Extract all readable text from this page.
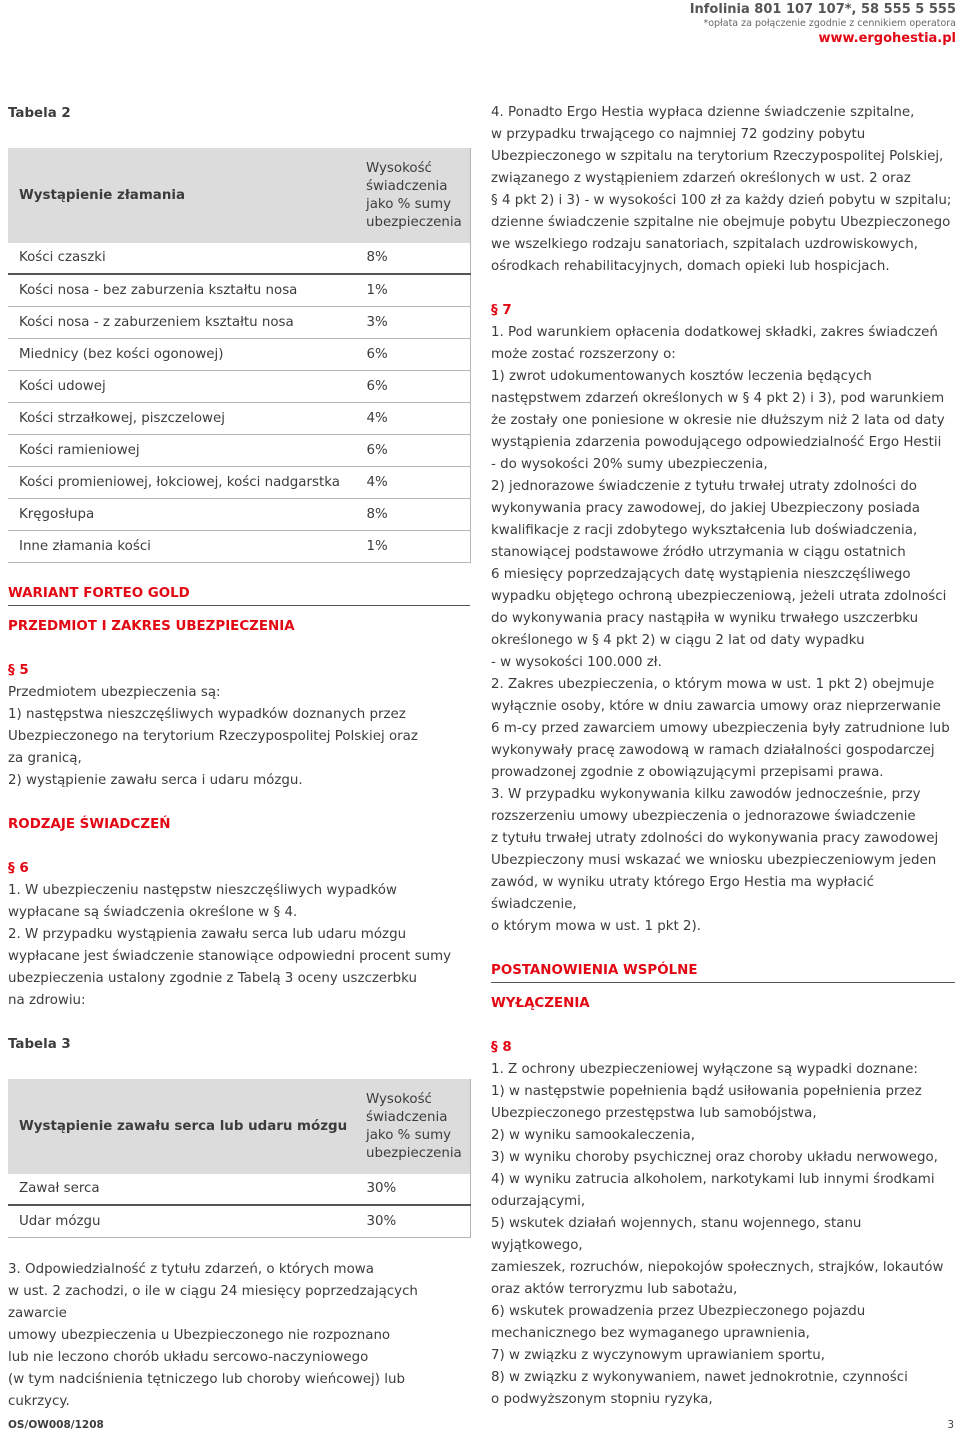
Infolinia 801 107 107*, 58 555 5 555
*opłata za połączenie zgodnie z cennikiem operatora
www.ergohestia.pl

Tabela 2

Wystąpienie złamania	Wysokość świadczenia jako % sumy ubezpieczenia
Kości czaszki	8%
Kości nosa - bez zaburzenia kształtu nosa	1%
Kości nosa - z zaburzeniem kształtu nosa	3%
Miednicy (bez kości ogonowej)	6%
Kości udowej	6%
Kości strzałkowej, piszczelowej	4%
Kości ramieniowej	6%
Kości promieniowej, łokciowej, kości nadgarstka	4%
Kręgosłupa	8%
Inne złamania kości	1%

WARIANT FORTEO GOLD

PRZEDMIOT I ZAKRES UBEZPIECZENIA

§ 5

Przedmiotem ubezpieczenia są:

1) następstwa nieszczęśliwych wypadków doznanych przez

Ubezpieczonego na terytorium Rzeczypospolitej Polskiej oraz

za granicą,

2) wystąpienie zawału serca i udaru mózgu.

RODZAJE ŚWIADCZEŃ

§ 6

1. W ubezpieczeniu następstw nieszczęśliwych wypadków

wypłacane są świadczenia określone w § 4.

2. W przypadku wystąpienia zawału serca lub udaru mózgu

wypłacane jest świadczenie stanowiące odpowiedni procent sumy

ubezpieczenia ustalony zgodnie z Tabelą 3 oceny uszczerbku

na zdrowiu:

Tabela 3

Wystąpienie zawału serca lub udaru mózgu	Wysokość świadczenia jako % sumy ubezpieczenia
Zawał serca	30%
Udar mózgu	30%

3. Odpowiedzialność z tytułu zdarzeń, o których mowa

w ust. 2 zachodzi, o ile w ciągu 24 miesięcy poprzedzających zawarcie

umowy ubezpieczenia u Ubezpieczonego nie rozpoznano

lub nie leczono chorób układu sercowo-naczyniowego

(w tym nadciśnienia tętniczego lub choroby wieńcowej) lub cukrzycy.

4. Ponadto Ergo Hestia wypłaca dzienne świadczenie szpitalne,

w przypadku trwającego co najmniej 72 godziny pobytu

Ubezpieczonego w szpitalu na terytorium Rzeczypospolitej Polskiej,

związanego z wystąpieniem zdarzeń określonych w ust. 2 oraz

§ 4 pkt 2) i 3) - w wysokości 100 zł za każdy dzień pobytu w szpitalu;

dzienne świadczenie szpitalne nie obejmuje pobytu Ubezpieczonego

we wszelkiego rodzaju sanatoriach, szpitalach uzdrowiskowych,

ośrodkach rehabilitacyjnych, domach opieki lub hospicjach.

§ 7

1. Pod warunkiem opłacenia dodatkowej składki, zakres świadczeń

może zostać rozszerzony o:

1) zwrot udokumentowanych kosztów leczenia będących

następstwem zdarzeń określonych w § 4 pkt 2) i 3), pod warunkiem

że zostały one poniesione w okresie nie dłuższym niż 2 lata od daty

wystąpienia zdarzenia powodującego odpowiedzialność Ergo Hestii

- do wysokości 20% sumy ubezpieczenia,

2) jednorazowe świadczenie z tytułu trwałej utraty zdolności do

wykonywania pracy zawodowej, do jakiej Ubezpieczony posiada

kwalifikacje z racji zdobytego wykształcenia lub doświadczenia,

stanowiącej podstawowe źródło utrzymania w ciągu ostatnich

6 miesięcy poprzedzających datę wystąpienia nieszczęśliwego

wypadku objętego ochroną ubezpieczeniową, jeżeli utrata zdolności

do wykonywania pracy nastąpiła w wyniku trwałego uszczerbku

określonego w § 4 pkt 2) w ciągu 2 lat od daty wypadku

- w wysokości 100.000 zł.

2. Zakres ubezpieczenia, o którym mowa w ust. 1 pkt 2) obejmuje

wyłącznie osoby, które w dniu zawarcia umowy oraz nieprzerwanie

6 m-cy przed zawarciem umowy ubezpieczenia były zatrudnione lub

wykonywały pracę zawodową w ramach działalności gospodarczej

prowadzonej zgodnie z obowiązującymi przepisami prawa.

3. W przypadku wykonywania kilku zawodów jednocześnie, przy

rozszerzeniu umowy ubezpieczenia o jednorazowe świadczenie

z tytułu trwałej utraty zdolności do wykonywania pracy zawodowej

Ubezpieczony musi wskazać we wniosku ubezpieczeniowym jeden

zawód, w wyniku utraty którego Ergo Hestia ma wypłacić świadczenie,

o którym mowa w ust. 1 pkt 2).

POSTANOWIENIA WSPÓLNE

WYŁĄCZENIA

§ 8

1. Z ochrony ubezpieczeniowej wyłączone są wypadki doznane:

1) w następstwie popełnienia bądź usiłowania popełnienia przez

Ubezpieczonego przestępstwa lub samobójstwa,

2) w wyniku samookaleczenia,

3) w wyniku choroby psychicznej oraz choroby układu nerwowego,

4) w wyniku zatrucia alkoholem, narkotykami lub innymi środkami

odurzającymi,

5) wskutek działań wojennych, stanu wojennego, stanu wyjątkowego,

zamieszek, rozruchów, niepokojów społecznych, strajków, lokautów

oraz aktów terroryzmu lub sabotażu,

6) wskutek prowadzenia przez Ubezpieczonego pojazdu

mechanicznego bez wymaganego uprawnienia,

7) w związku z wyczynowym uprawianiem sportu,

8) w związku z wykonywaniem, nawet jednokrotnie, czynności

o podwyższonym stopniu ryzyka,

OS/OW008/1208	3
